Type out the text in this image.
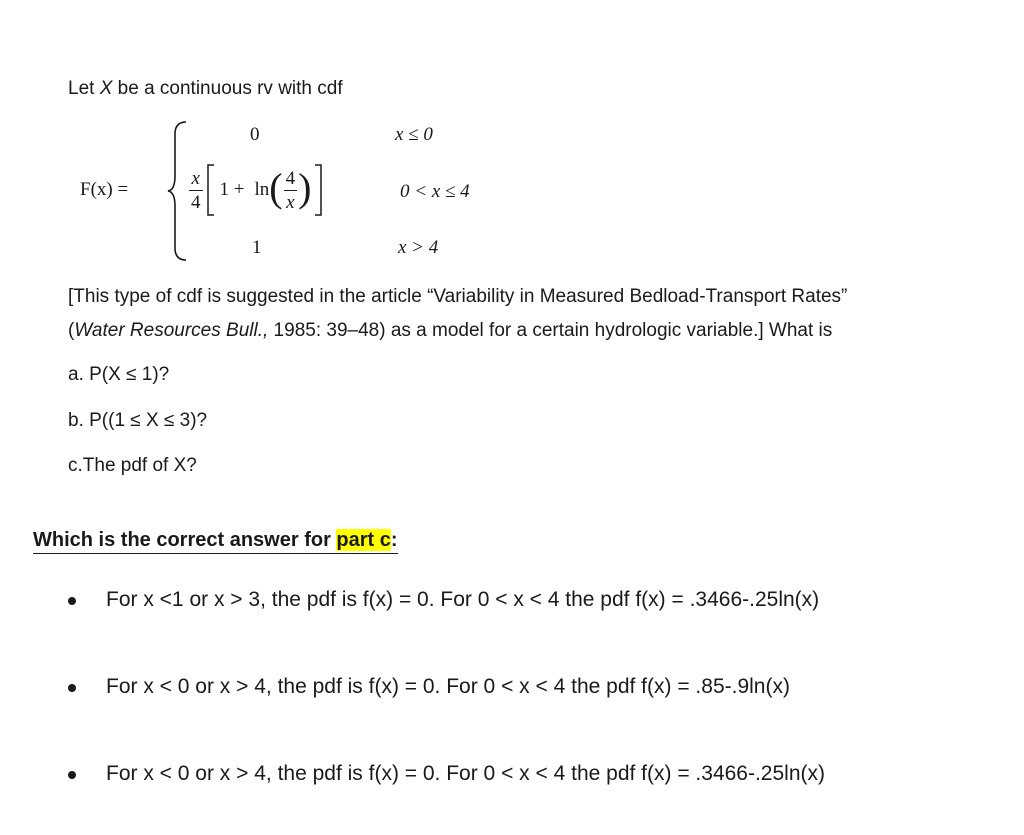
Let X be a continuous rv with cdf
F(x) =
0	x ≤ 0
$\frac{x}{4} 1 + \ln$ ( $\frac{4}{x}$ )	0 < x ≤ 4
1	x > 4
[This type of cdf is suggested in the article “Variability in Measured Bedload-Transport Rates”
(Water Resources Bull., 1985: 39–48) as a model for a certain hydrologic variable.] What is
a. P(X ≤ 1)?
b. P((1 ≤ X ≤ 3)?
c.The pdf of X?
Which is the correct answer for part c:
For x <1 or x > 3, the pdf is f(x) = 0. For 0 < x < 4 the pdf f(x) = .3466-.25ln(x)
For x < 0 or x > 4, the pdf is f(x) = 0. For 0 < x < 4 the pdf f(x) = .85-.9ln(x)
For x < 0 or x > 4, the pdf is f(x) = 0. For 0 < x < 4 the pdf f(x) = .3466-.25ln(x)
